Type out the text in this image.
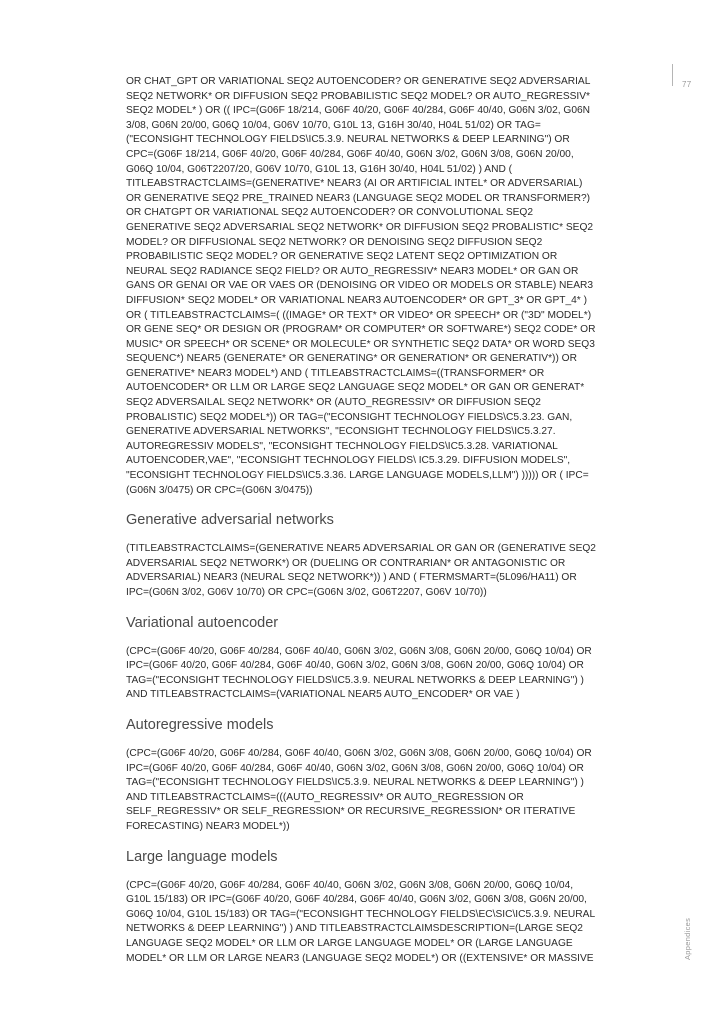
77
Appendices

OR CHAT_GPT OR VARIATIONAL SEQ2 AUTOENCODER? OR GENERATIVE SEQ2 ADVERSARIAL SEQ2 NETWORK* OR DIFFUSION SEQ2 PROBABILISTIC SEQ2 MODEL? OR AUTO_REGRESSIV* SEQ2 MODEL* ) OR (( IPC=(G06F 18/214, G06F 40/20, G06F 40/284, G06F 40/40, G06N 3/02, G06N 3/08, G06N 20/00, G06Q 10/04, G06V 10/70, G10L 13, G16H 30/40, H04L 51/02) OR TAG=("ECONSIGHT TECHNOLOGY FIELDS\IC5.3.9. NEURAL NETWORKS & DEEP LEARNING") OR CPC=(G06F 18/214, G06F 40/20, G06F 40/284, G06F 40/40, G06N 3/02, G06N 3/08, G06N 20/00, G06Q 10/04, G06T2207/20, G06V 10/70, G10L 13, G16H 30/40, H04L 51/02) ) AND ( TITLEABSTRACTCLAIMS=(GENERATIVE* NEAR3 (AI OR ARTIFICIAL INTEL* OR ADVERSARIAL) OR GENERATIVE SEQ2 PRE_TRAINED NEAR3 (LANGUAGE SEQ2 MODEL OR TRANSFORMER?) OR CHATGPT OR VARIATIONAL SEQ2 AUTOENCODER? OR CONVOLUTIONAL SEQ2 GENERATIVE SEQ2 ADVERSARIAL SEQ2 NETWORK* OR DIFFUSION SEQ2 PROBALISTIC* SEQ2 MODEL? OR DIFFUSIONAL SEQ2 NETWORK? OR DENOISING SEQ2 DIFFUSION SEQ2 PROBABILISTIC SEQ2 MODEL? OR GENERATIVE SEQ2 LATENT SEQ2 OPTIMIZATION OR NEURAL SEQ2 RADIANCE SEQ2 FIELD? OR AUTO_REGRESSIV* NEAR3 MODEL* OR GAN OR GANS OR GENAI OR VAE OR VAES OR (DENOISING OR VIDEO OR MODELS OR STABLE) NEAR3 DIFFUSION* SEQ2 MODEL* OR VARIATIONAL NEAR3 AUTOENCODER* OR GPT_3* OR GPT_4* ) OR ( TITLEABSTRACTCLAIMS=( ((IMAGE* OR TEXT* OR VIDEO* OR SPEECH* OR ("3D" MODEL*) OR GENE SEQ* OR DESIGN OR (PROGRAM* OR COMPUTER* OR SOFTWARE*) SEQ2 CODE* OR MUSIC* OR SPEECH* OR SCENE* OR MOLECULE* OR SYNTHETIC SEQ2 DATA* OR WORD SEQ3 SEQUENC*) NEAR5 (GENERATE* OR GENERATING* OR GENERATION* OR GENERATIV*)) OR GENERATIVE* NEAR3 MODEL*) AND ( TITLEABSTRACTCLAIMS=((TRANSFORMER* OR AUTOENCODER* OR LLM OR LARGE SEQ2 LANGUAGE SEQ2 MODEL* OR GAN OR GENERAT* SEQ2 ADVERSAILAL SEQ2 NETWORK* OR (AUTO_REGRESSIV* OR DIFFUSION SEQ2 PROBALISTIC) SEQ2 MODEL*)) OR TAG=("ECONSIGHT TECHNOLOGY FIELDS\C5.3.23. GAN, GENERATIVE ADVERSARIAL NETWORKS", "ECONSIGHT TECHNOLOGY FIELDS\IC5.3.27. AUTOREGRESSIV MODELS", "ECONSIGHT TECHNOLOGY FIELDS\IC5.3.28. VARIATIONAL AUTOENCODER,VAE", "ECONSIGHT TECHNOLOGY FIELDS\ IC5.3.29. DIFFUSION MODELS", "ECONSIGHT TECHNOLOGY FIELDS\IC5.3.36. LARGE LANGUAGE MODELS,LLM") ))))) OR ( IPC=(G06N 3/0475) OR CPC=(G06N 3/0475))

Generative adversarial networks

(TITLEABSTRACTCLAIMS=(GENERATIVE NEAR5 ADVERSARIAL OR GAN OR (GENERATIVE SEQ2 ADVERSARIAL SEQ2 NETWORK*) OR (DUELING OR CONTRARIAN* OR ANTAGONISTIC OR ADVERSARIAL) NEAR3 (NEURAL SEQ2 NETWORK*)) ) AND ( FTERMSMART=(5L096/HA11) OR IPC=(G06N 3/02, G06V 10/70) OR CPC=(G06N 3/02, G06T2207, G06V 10/70))

Variational autoencoder

(CPC=(G06F 40/20, G06F 40/284, G06F 40/40, G06N 3/02, G06N 3/08, G06N 20/00, G06Q 10/04) OR IPC=(G06F 40/20, G06F 40/284, G06F 40/40, G06N 3/02, G06N 3/08, G06N 20/00, G06Q 10/04) OR TAG=("ECONSIGHT TECHNOLOGY FIELDS\IC5.3.9. NEURAL NETWORKS & DEEP LEARNING") ) AND TITLEABSTRACTCLAIMS=(VARIATIONAL NEAR5 AUTO_ENCODER* OR VAE )

Autoregressive models

(CPC=(G06F 40/20, G06F 40/284, G06F 40/40, G06N 3/02, G06N 3/08, G06N 20/00, G06Q 10/04) OR IPC=(G06F 40/20, G06F 40/284, G06F 40/40, G06N 3/02, G06N 3/08, G06N 20/00, G06Q 10/04) OR TAG=("ECONSIGHT TECHNOLOGY FIELDS\IC5.3.9. NEURAL NETWORKS & DEEP LEARNING") ) AND TITLEABSTRACTCLAIMS=(((AUTO_REGRESSIV* OR AUTO_REGRESSION OR SELF_REGRESSIV* OR SELF_REGRESSION* OR RECURSIVE_REGRESSION* OR ITERATIVE FORECASTING) NEAR3 MODEL*))

Large language models

(CPC=(G06F 40/20, G06F 40/284, G06F 40/40, G06N 3/02, G06N 3/08, G06N 20/00, G06Q 10/04, G10L 15/183) OR IPC=(G06F 40/20, G06F 40/284, G06F 40/40, G06N 3/02, G06N 3/08, G06N 20/00, G06Q 10/04, G10L 15/183) OR TAG=("ECONSIGHT TECHNOLOGY FIELDS\EC\SIC\IC5.3.9. NEURAL NETWORKS & DEEP LEARNING") ) AND TITLEABSTRACTCLAIMSDESCRIPTION=(LARGE SEQ2 LANGUAGE SEQ2 MODEL* OR LLM OR LARGE LANGUAGE MODEL* OR (LARGE LANGUAGE MODEL* OR LLM OR LARGE NEAR3 (LANGUAGE SEQ2 MODEL*) OR ((EXTENSIVE* OR MASSIVE
